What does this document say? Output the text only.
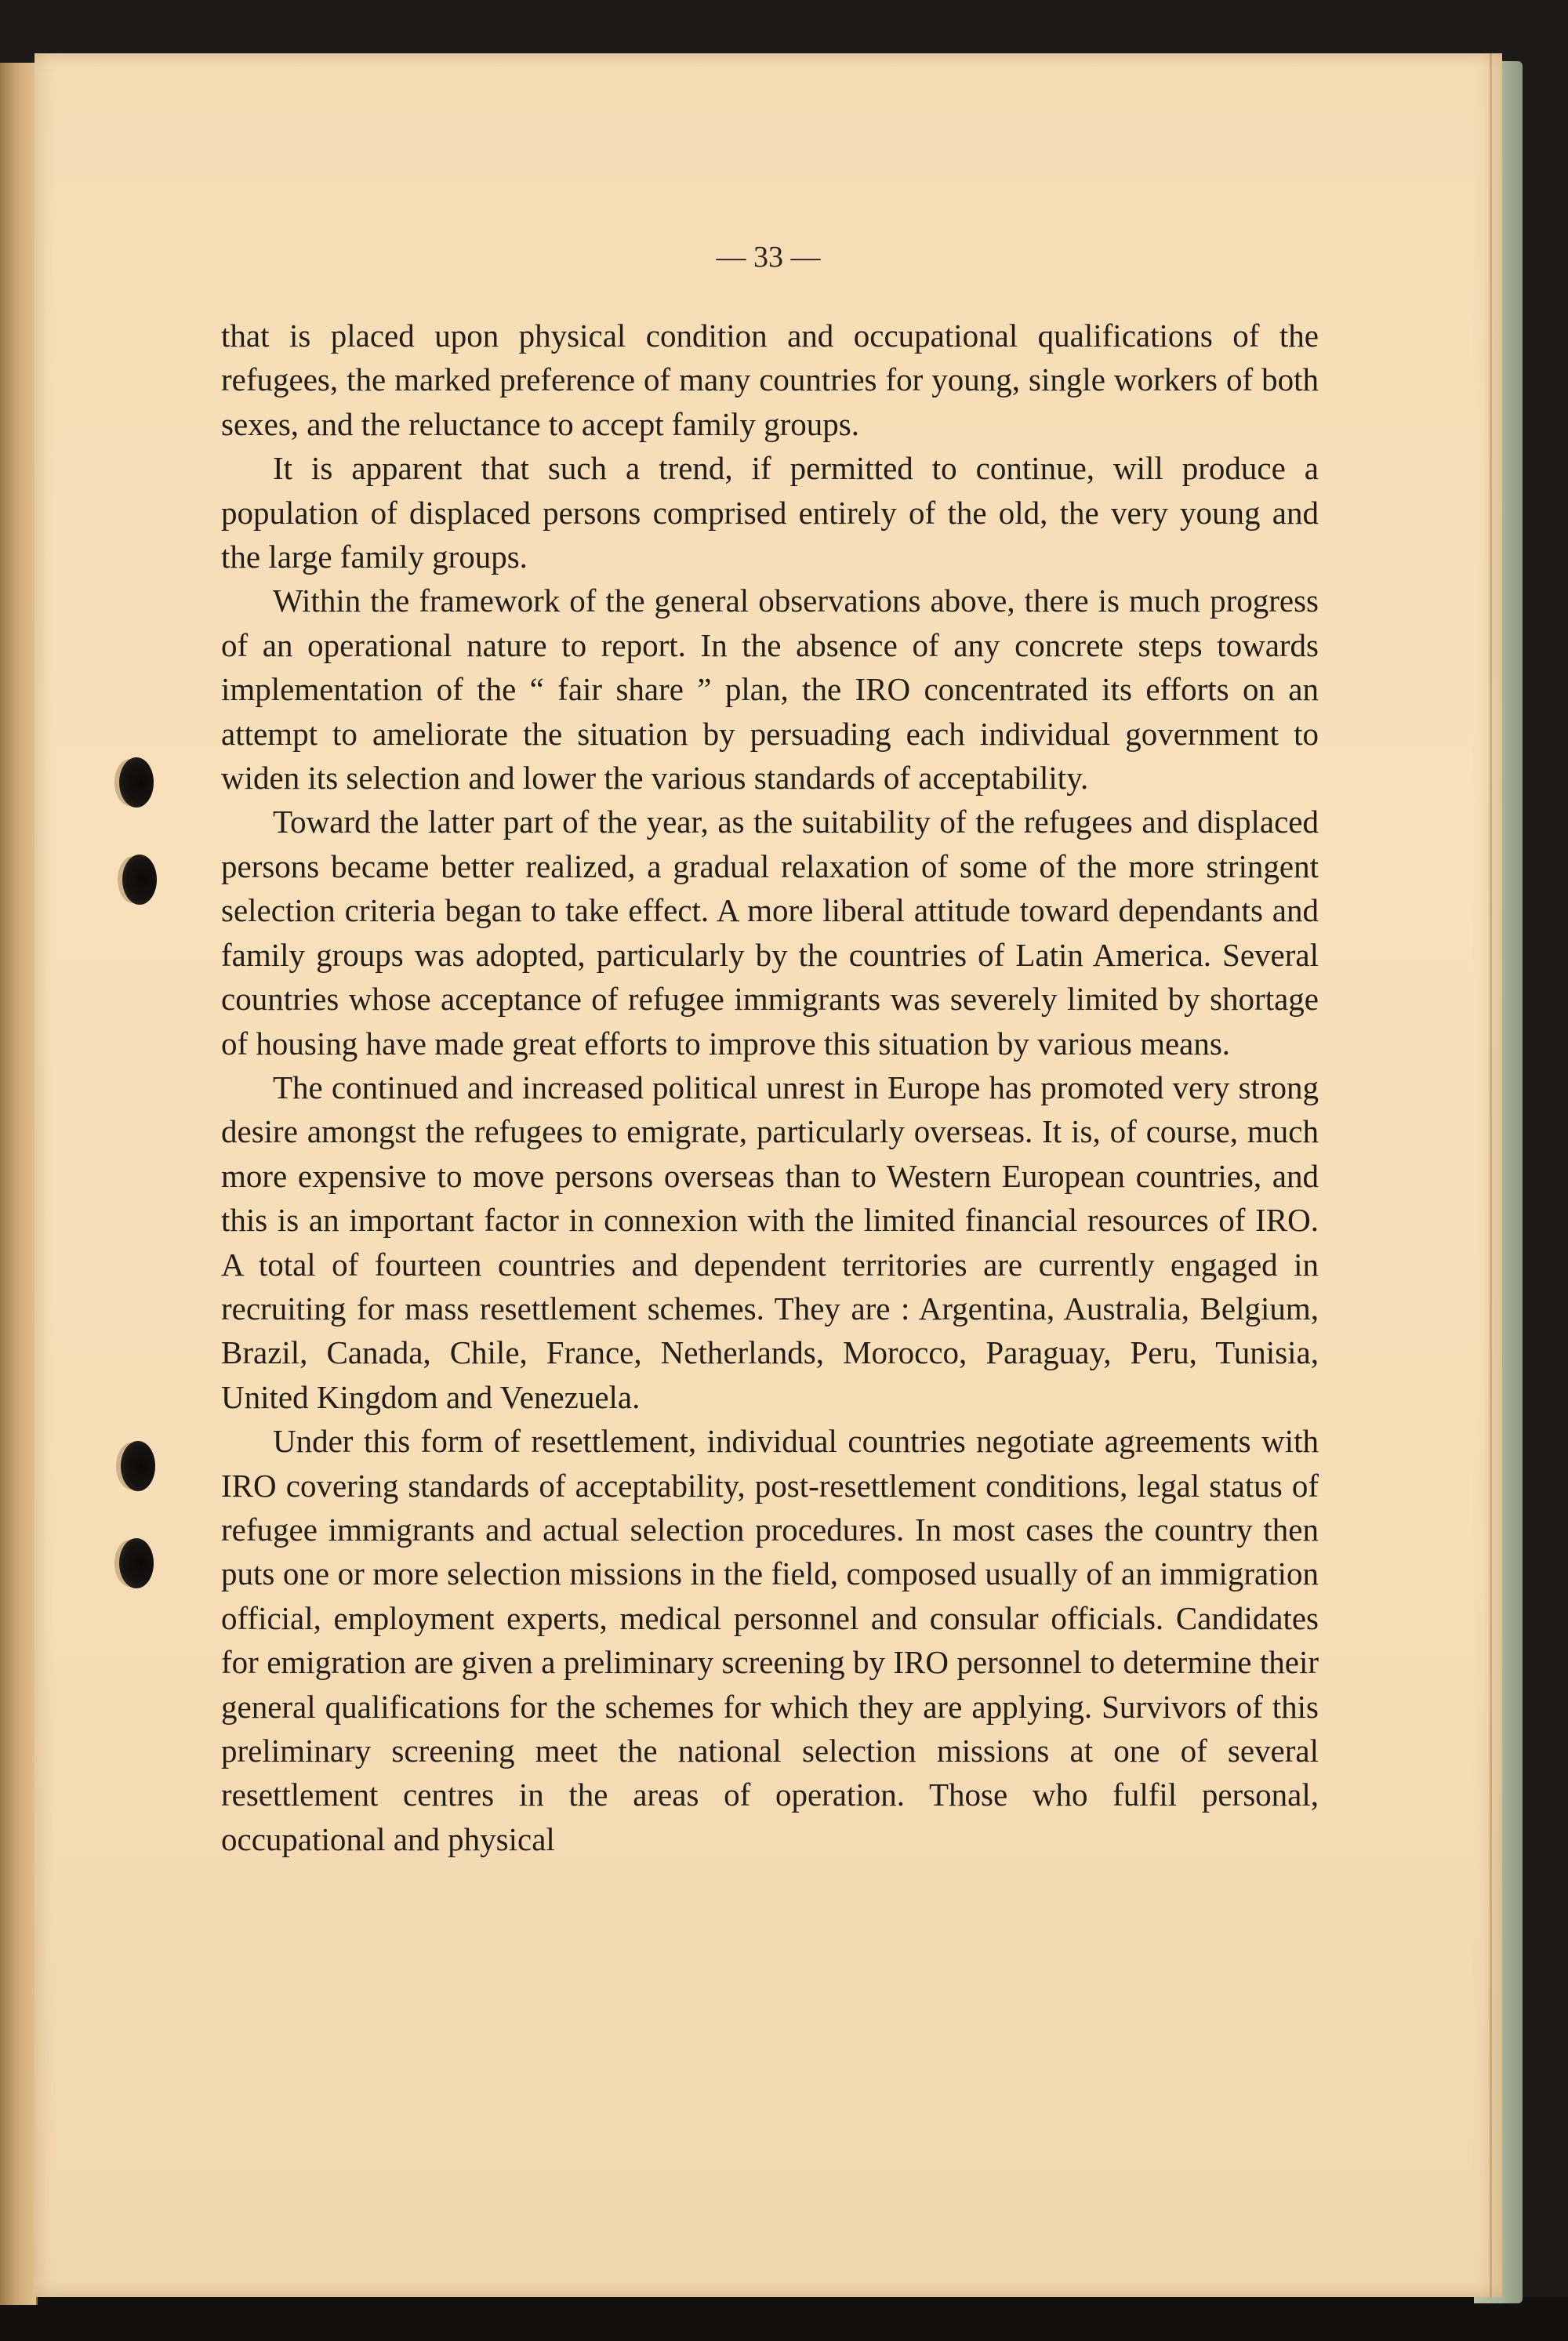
— 33 —

that is placed upon physical condition and occupational qualifications of the refugees, the marked preference of many countries for young, single workers of both sexes, and the reluctance to accept family groups.

It is apparent that such a trend, if permitted to continue, will produce a population of displaced persons comprised entirely of the old, the very young and the large family groups.

Within the framework of the general observations above, there is much progress of an operational nature to report. In the absence of any concrete steps towards implementation of the “ fair share ” plan, the IRO concentrated its efforts on an attempt to ameliorate the situation by persuading each individual government to widen its selection and lower the various standards of acceptability.

Toward the latter part of the year, as the suitability of the refugees and displaced persons became better realized, a gradual relaxation of some of the more stringent selection criteria began to take effect. A more liberal attitude toward dependants and family groups was adopted, particularly by the countries of Latin America. Several countries whose acceptance of refugee immigrants was severely limited by shortage of housing have made great efforts to improve this situation by various means.

The continued and increased political unrest in Europe has promoted very strong desire amongst the refugees to emigrate, particularly overseas. It is, of course, much more expensive to move persons overseas than to Western European countries, and this is an important factor in connexion with the limited financial resources of IRO. A total of fourteen countries and dependent territories are currently engaged in recruiting for mass resettlement schemes. They are : Argentina, Australia, Belgium, Brazil, Canada, Chile, France, Netherlands, Morocco, Paraguay, Peru, Tunisia, United Kingdom and Venezuela.

Under this form of resettlement, individual countries negotiate agreements with IRO covering standards of acceptability, post-resettlement conditions, legal status of refugee immigrants and actual selection procedures. In most cases the country then puts one or more selection missions in the field, composed usually of an immigration official, employment experts, medical personnel and consular officials. Candidates for emigration are given a preliminary screening by IRO personnel to determine their general qualifications for the schemes for which they are applying. Survivors of this preliminary screening meet the national selection missions at one of several resettlement centres in the areas of operation. Those who fulfil personal, occupational and physical
